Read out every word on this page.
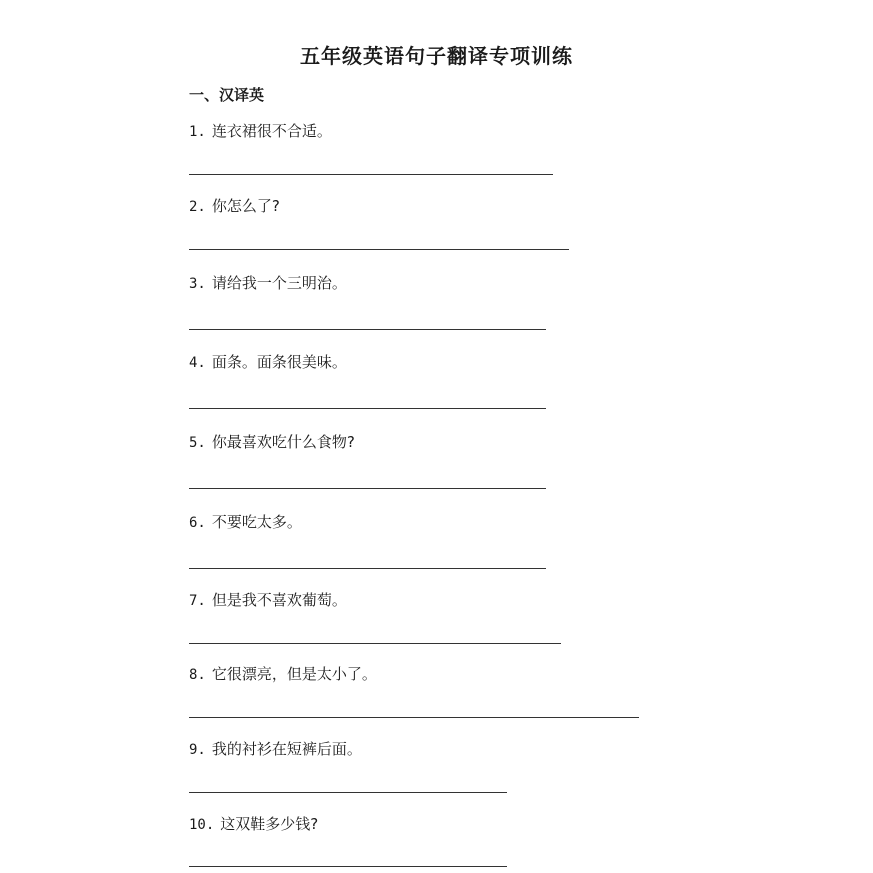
五年级英语句子翻译专项训练
一、汉译英
1. 连衣裙很不合适。
2. 你怎么了?
3. 请给我一个三明治。
4. 面条。面条很美味。
5. 你最喜欢吃什么食物?
6. 不要吃太多。
7. 但是我不喜欢葡萄。
8. 它很漂亮，但是太小了。
9. 我的衬衫在短裤后面。
10. 这双鞋多少钱?
